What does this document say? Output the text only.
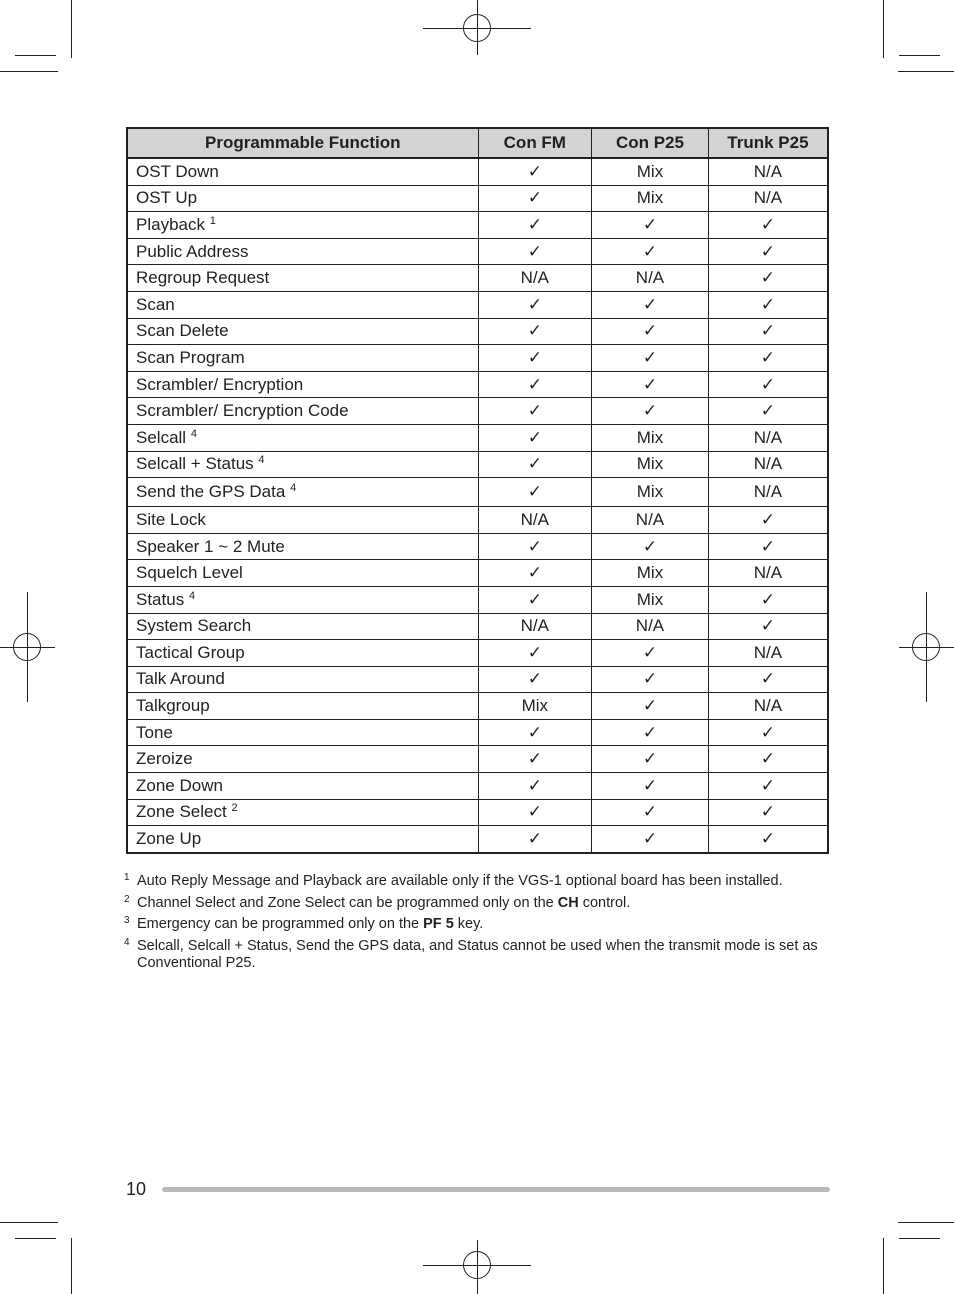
Programmable Function	Con FM	Con P25	Trunk P25
OST Down	✓	Mix	N/A
OST Up	✓	Mix	N/A
Playback $^1$	✓	✓	✓
Public Address	✓	✓	✓
Regroup Request	N/A	N/A	✓
Scan	✓	✓	✓
Scan Delete	✓	✓	✓
Scan Program	✓	✓	✓
Scrambler/ Encryption	✓	✓	✓
Scrambler/ Encryption Code	✓	✓	✓
Selcall $^4$	✓	Mix	N/A
Selcall + Status $^4$	✓	Mix	N/A
Send the GPS Data $^4$	✓	Mix	N/A
Site Lock	N/A	N/A	✓
Speaker 1 ~ 2 Mute	✓	✓	✓
Squelch Level	✓	Mix	N/A
Status $^4$	✓	Mix	✓
System Search	N/A	N/A	✓
Tactical Group	✓	✓	N/A
Talk Around	✓	✓	✓
Talkgroup	Mix	✓	N/A
Tone	✓	✓	✓
Zeroize	✓	✓	✓
Zone Down	✓	✓	✓
Zone Select $^2$	✓	✓	✓
Zone Up	✓	✓	✓
1 Auto Reply Message and Playback are available only if the VGS-1 optional board has been installed.
2 Channel Select and Zone Select can be programmed only on the CH control.
3 Emergency can be programmed only on the PF 5 key.
4 Selcall, Selcall + Status, Send the GPS data, and Status cannot be used when the transmit mode is set as Conventional P25.
10
